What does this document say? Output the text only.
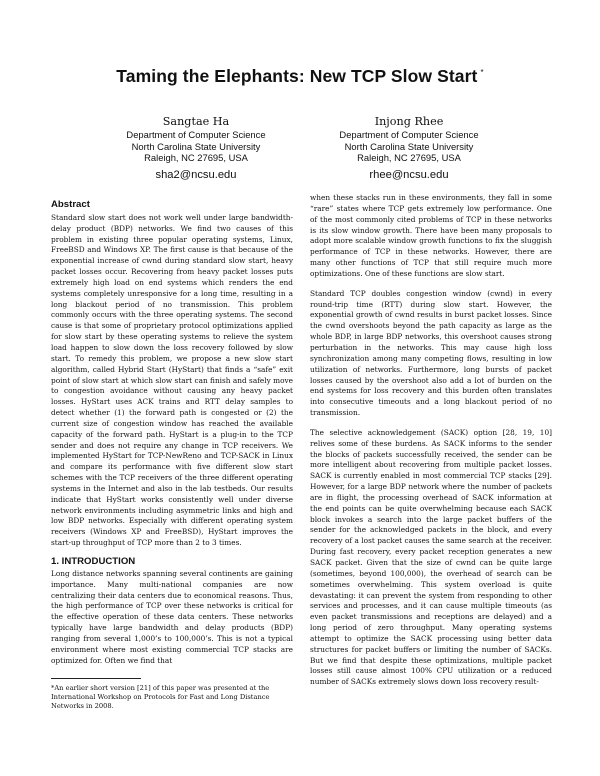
Taming the Elephants: New TCP Slow Start *
Sangtae Ha
Department of Computer Science
North Carolina State University
Raleigh, NC 27695, USA
sha2@ncsu.edu
Injong Rhee
Department of Computer Science
North Carolina State University
Raleigh, NC 27695, USA
rhee@ncsu.edu
Abstract

Standard slow start does not work well under large bandwidth-delay product (BDP) networks. We find two causes of this problem in existing three popular operating systems, Linux, FreeBSD and Windows XP. The first cause is that because of the exponential increase of cwnd during standard slow start, heavy packet losses occur. Recovering from heavy packet losses puts extremely high load on end systems which renders the end systems completely unresponsive for a long time, resulting in a long blackout period of no transmission. This problem commonly occurs with the three operating systems. The second cause is that some of proprietary protocol optimizations applied for slow start by these operating systems to relieve the system load happen to slow down the loss recovery followed by slow start. To remedy this problem, we propose a new slow start algorithm, called Hybrid Start (HyStart) that finds a “safe” exit point of slow start at which slow start can finish and safely move to congestion avoidance without causing any heavy packet losses. HyStart uses ACK trains and RTT delay samples to detect whether (1) the forward path is congested or (2) the current size of congestion window has reached the available capacity of the forward path. HyStart is a plug-in to the TCP sender and does not require any change in TCP receivers. We implemented HyStart for TCP-NewReno and TCP-SACK in Linux and compare its performance with five different slow start schemes with the TCP receivers of the three different operating systems in the Internet and also in the lab testbeds. Our results indicate that HyStart works consistently well under diverse network environments including asymmetric links and high and low BDP networks. Especially with different operating system receivers (Windows XP and FreeBSD), HyStart improves the start-up throughput of TCP more than 2 to 3 times.

1. INTRODUCTION

Long distance networks spanning several continents are gaining importance. Many multi-national companies are now centralizing their data centers due to economical reasons. Thus, the high performance of TCP over these networks is critical for the effective operation of these data centers. These networks typically have large bandwidth and delay products (BDP) ranging from several 1,000’s to 100,000’s. This is not a typical environment where most existing commercial TCP stacks are optimized for. Often we find that

*An earlier short version [21] of this paper was presented at the International Workshop on Protocols for Fast and Long Distance Networks in 2008.

when these stacks run in these environments, they fall in some “rare” states where TCP gets extremely low performance. One of the most commonly cited problems of TCP in these networks is its slow window growth. There have been many proposals to adopt more scalable window growth functions to fix the sluggish performance of TCP in these networks. However, there are many other functions of TCP that still require much more optimizations. One of these functions are slow start.

Standard TCP doubles congestion window (cwnd) in every round-trip time (RTT) during slow start. However, the exponential growth of cwnd results in burst packet losses. Since the cwnd overshoots beyond the path capacity as large as the whole BDP, in large BDP networks, this overshoot causes strong perturbation in the networks. This may cause high loss synchronization among many competing flows, resulting in low utilization of networks. Furthermore, long bursts of packet losses caused by the overshoot also add a lot of burden on the end systems for loss recovery and this burden often translates into consecutive timeouts and a long blackout period of no transmission.

The selective acknowledgement (SACK) option [28, 19, 10] relives some of these burdens. As SACK informs to the sender the blocks of packets successfully received, the sender can be more intelligent about recovering from multiple packet losses. SACK is currently enabled in most commercial TCP stacks [29]. However, for a large BDP network where the number of packets are in flight, the processing overhead of SACK information at the end points can be quite overwhelming because each SACK block invokes a search into the large packet buffers of the sender for the acknowledged packets in the block, and every recovery of a lost packet causes the same search at the receiver. During fast recovery, every packet reception generates a new SACK packet. Given that the size of cwnd can be quite large (sometimes, beyond 100,000), the overhead of search can be sometimes overwhelming. This system overload is quite devastating: it can prevent the system from responding to other services and processes, and it can cause multiple timeouts (as even packet transmissions and receptions are delayed) and a long period of zero throughput. Many operating systems attempt to optimize the SACK processing using better data structures for packet buffers or limiting the number of SACKs. But we find that despite these optimizations, multiple packet losses still cause almost 100% CPU utilization or a reduced number of SACKs extremely slows down loss recovery result-
